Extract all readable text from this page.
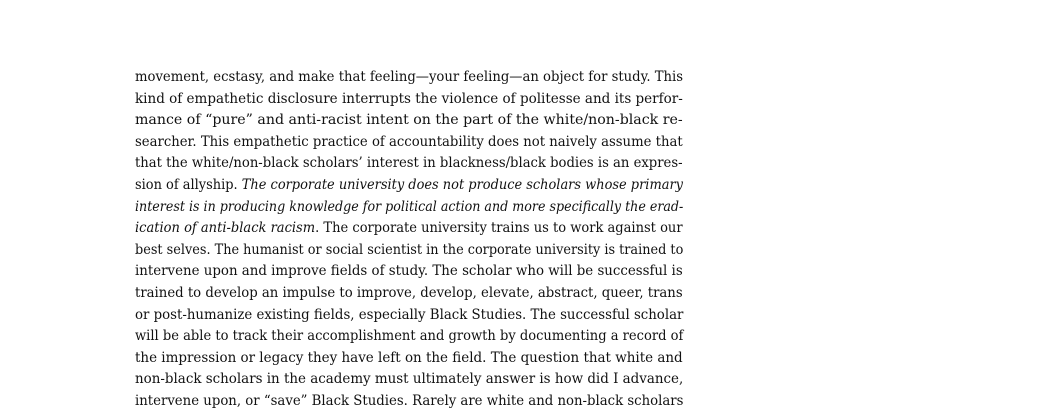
movement, ecstasy, and make that feeling—your feeling—an object for study. This
kind of empathetic disclosure interrupts the violence of politesse and its perfor-
mance of “pure” and anti-racist intent on the part of the white/non-black re-
searcher. This empathetic practice of accountability does not naively assume that
that the white/non-black scholars’ interest in blackness/black bodies is an expres-
sion of allyship. The corporate university does not produce scholars whose primary
interest is in producing knowledge for political action and more specifically the erad-
ication of anti-black racism. The corporate university trains us to work against our
best selves. The humanist or social scientist in the corporate university is trained to
intervene upon and improve fields of study. The scholar who will be successful is
trained to develop an impulse to improve, develop, elevate, abstract, queer, trans
or post-humanize existing fields, especially Black Studies. The successful scholar
will be able to track their accomplishment and growth by documenting a record of
the impression or legacy they have left on the field. The question that white and
non-black scholars in the academy must ultimately answer is how did I advance,
intervene upon, or “save” Black Studies. Rarely are white and non-black scholars
